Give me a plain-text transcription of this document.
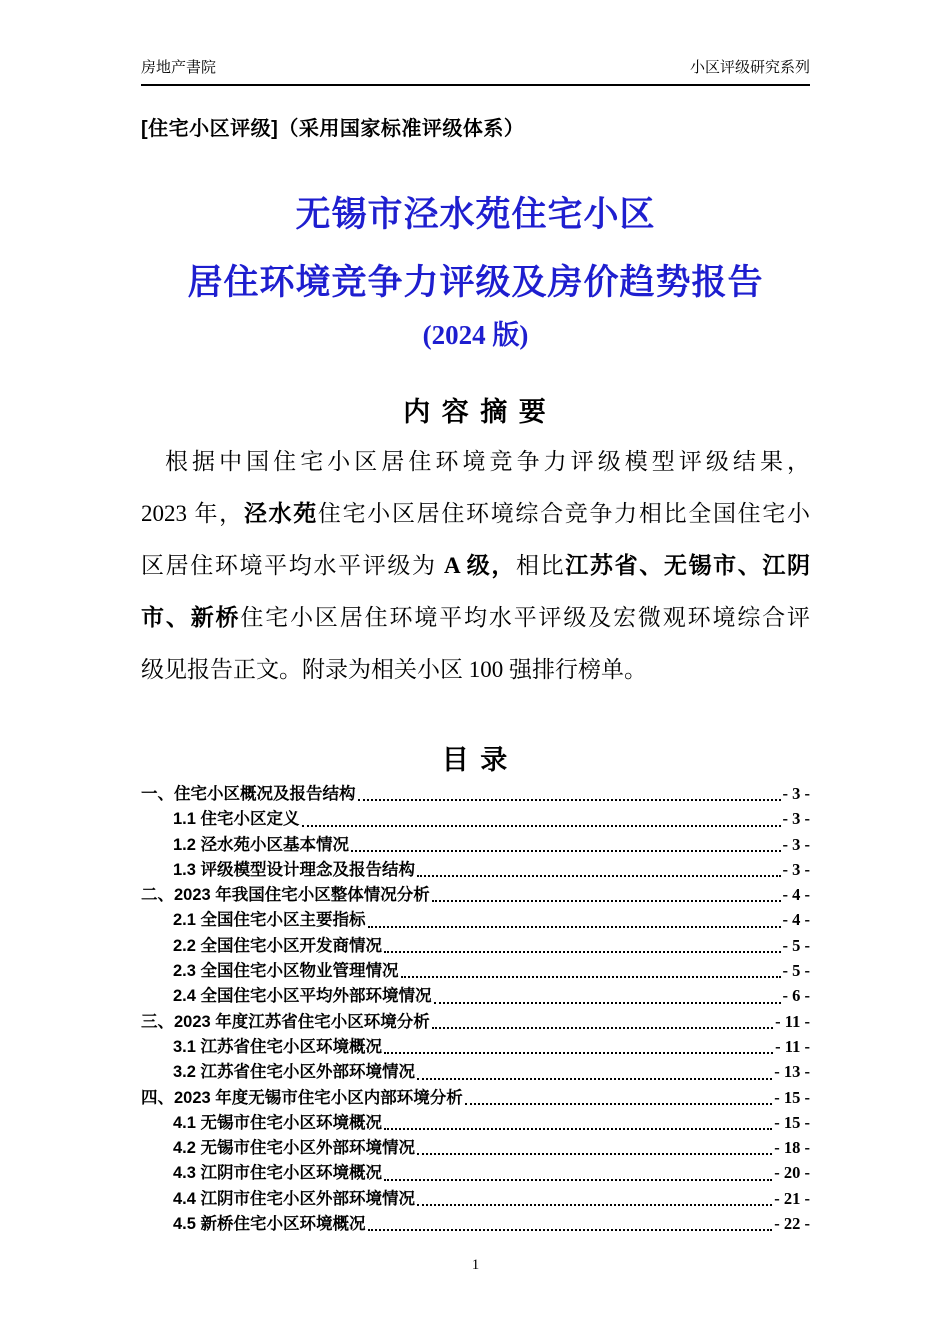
房地产書院	小区评级研究系列
[住宅小区评级]（采用国家标准评级体系）
无锡市泾水苑住宅小区
居住环境竞争力评级及房价趋势报告
(2024 版)
内 容 摘 要
根据中国住宅小区居住环境竞争力评级模型评级结果，
2023 年，泾水苑住宅小区居住环境综合竞争力相比全国住宅小
区居住环境平均水平评级为 A 级，相比江苏省、无锡市、江阴
市、新桥住宅小区居住环境平均水平评级及宏微观环境综合评
级见报告正文。附录为相关小区 100 强排行榜单。
目 录
一、住宅小区概况及报告结构	- 3 -
1.1 住宅小区定义	- 3 -
1.2 泾水苑小区基本情况	- 3 -
1.3 评级模型设计理念及报告结构	- 3 -
二、2023 年我国住宅小区整体情况分析	- 4 -
2.1 全国住宅小区主要指标	- 4 -
2.2 全国住宅小区开发商情况	- 5 -
2.3 全国住宅小区物业管理情况	- 5 -
2.4 全国住宅小区平均外部环境情况	- 6 -
三、2023 年度江苏省住宅小区环境分析	- 11 -
3.1 江苏省住宅小区环境概况	- 11 -
3.2 江苏省住宅小区外部环境情况	- 13 -
四、2023 年度无锡市住宅小区内部环境分析	- 15 -
4.1 无锡市住宅小区环境概况	- 15 -
4.2 无锡市住宅小区外部环境情况	- 18 -
4.3 江阴市住宅小区环境概况	- 20 -
4.4 江阴市住宅小区外部环境情况	- 21 -
4.5 新桥住宅小区环境概况	- 22 -
1
